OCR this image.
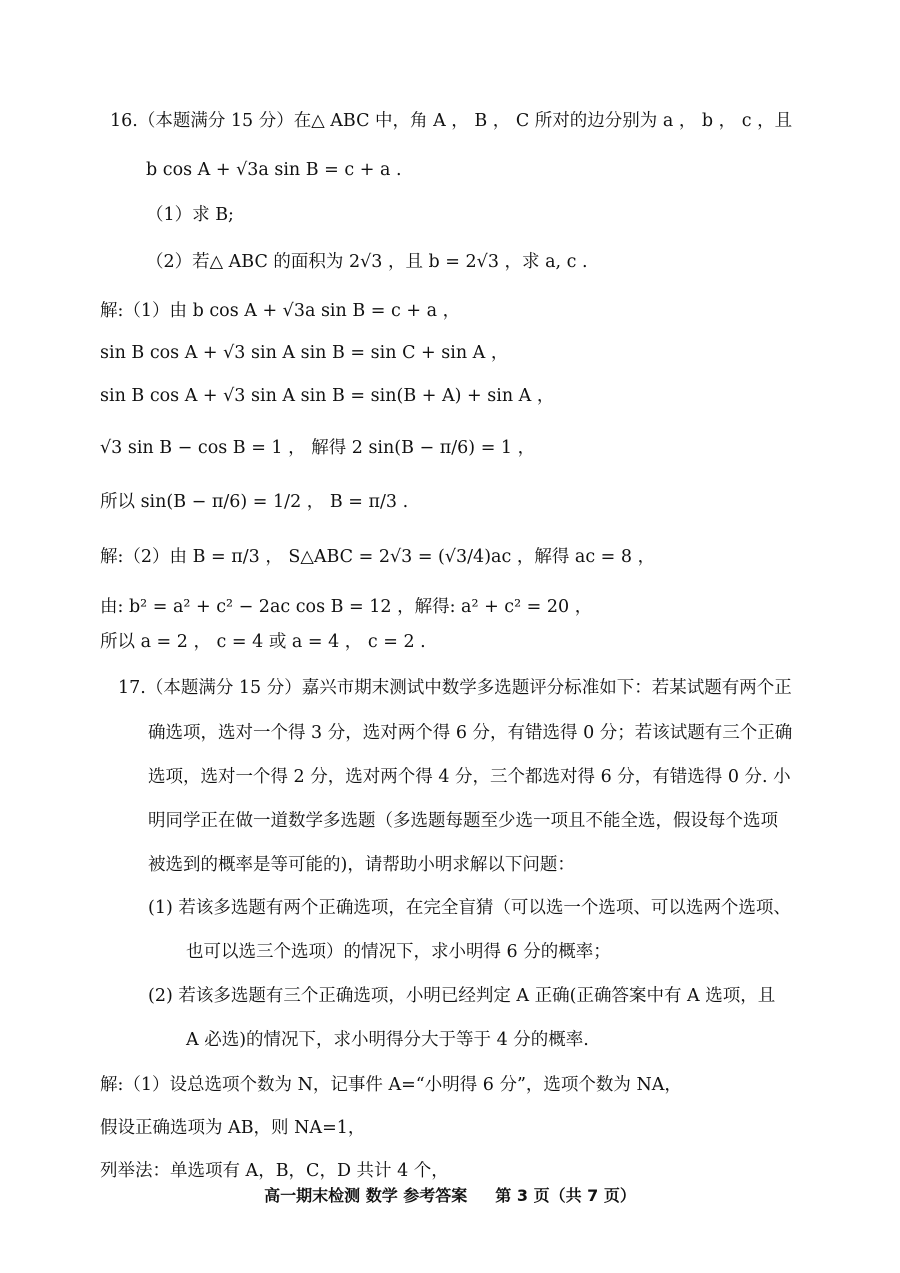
16.（本题满分 15 分）在△ ABC 中，角 A ， B ， C 所对的边分别为 a ， b ， c ，且
b cos A + √3a sin B = c + a .
（1）求 B;
（2）若△ ABC 的面积为 2√3 ，且 b = 2√3 ，求 a, c .
解:（1）由 b cos A + √3a sin B = c + a ，
sin B cos A + √3 sin A sin B = sin C + sin A ，
sin B cos A + √3 sin A sin B = sin(B + A) + sin A ，
√3 sin B − cos B = 1 ， 解得 2 sin(B − π/6) = 1 ，
所以 sin(B − π/6) = 1/2 ， B = π/3 .
解:（2）由 B = π/3 ， S△ABC = 2√3 = (√3/4)ac ，解得 ac = 8 ，
由: b² = a² + c² − 2ac cos B = 12 ，解得: a² + c² = 20 ，
所以 a = 2 ， c = 4 或 a = 4 ， c = 2 .
17.（本题满分 15 分）嘉兴市期末测试中数学多选题评分标准如下：若某试题有两个正
确选项，选对一个得 3 分，选对两个得 6 分，有错选得 0 分；若该试题有三个正确
选项，选对一个得 2 分，选对两个得 4 分，三个都选对得 6 分，有错选得 0 分. 小
明同学正在做一道数学多选题（多选题每题至少选一项且不能全选，假设每个选项
被选到的概率是等可能的)，请帮助小明求解以下问题：
(1) 若该多选题有两个正确选项，在完全盲猜（可以选一个选项、可以选两个选项、
也可以选三个选项）的情况下，求小明得 6 分的概率；
(2) 若该多选题有三个正确选项，小明已经判定 A 正确(正确答案中有 A 选项，且
A 必选)的情况下，求小明得分大于等于 4 分的概率.
解:（1）设总选项个数为 N，记事件 A=“小明得 6 分”，选项个数为 NA，
假设正确选项为 AB，则 NA=1，
列举法：单选项有 A，B，C，D 共计 4 个，
高一期末检测 数学 参考答案 第 3 页（共 7 页）
